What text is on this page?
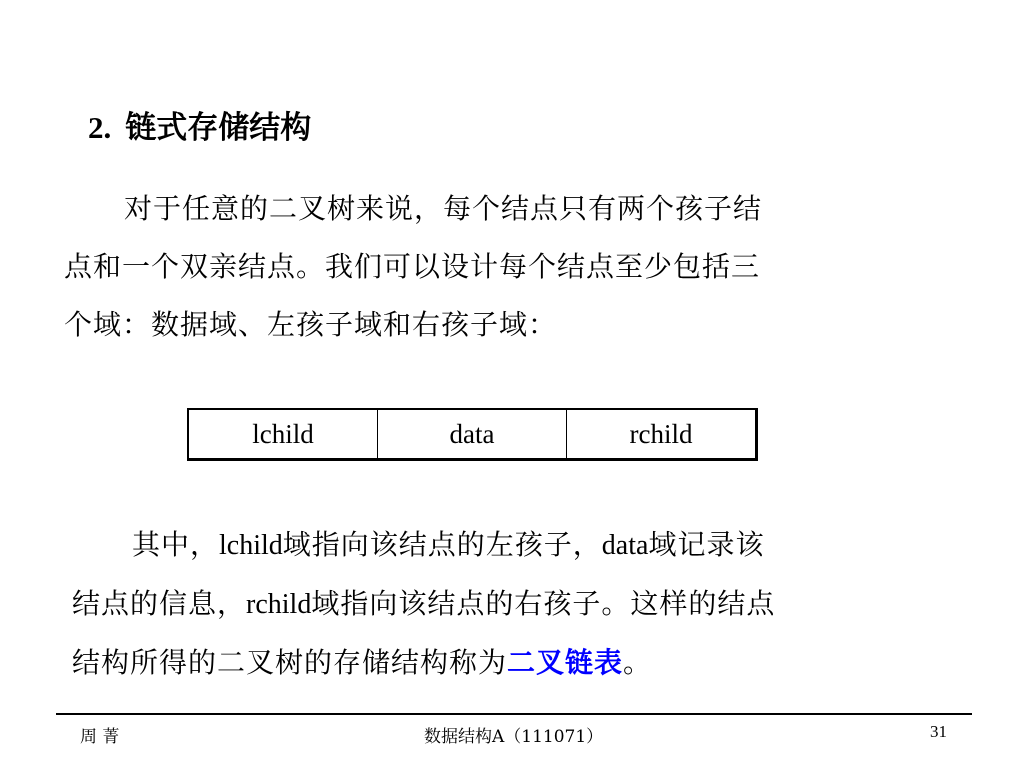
2. 链式存储结构
对于任意的二叉树来说，每个结点只有两个孩子结
点和一个双亲结点。我们可以设计每个结点至少包括三
个域：数据域、左孩子域和右孩子域：
lchild	data	rchild
其中，lchild域指向该结点的左孩子，data域记录该
结点的信息，rchild域指向该结点的右孩子。这样的结点
结构所得的二叉树的存储结构称为二叉链表。
周 菁	数据结构A（111071）	31
